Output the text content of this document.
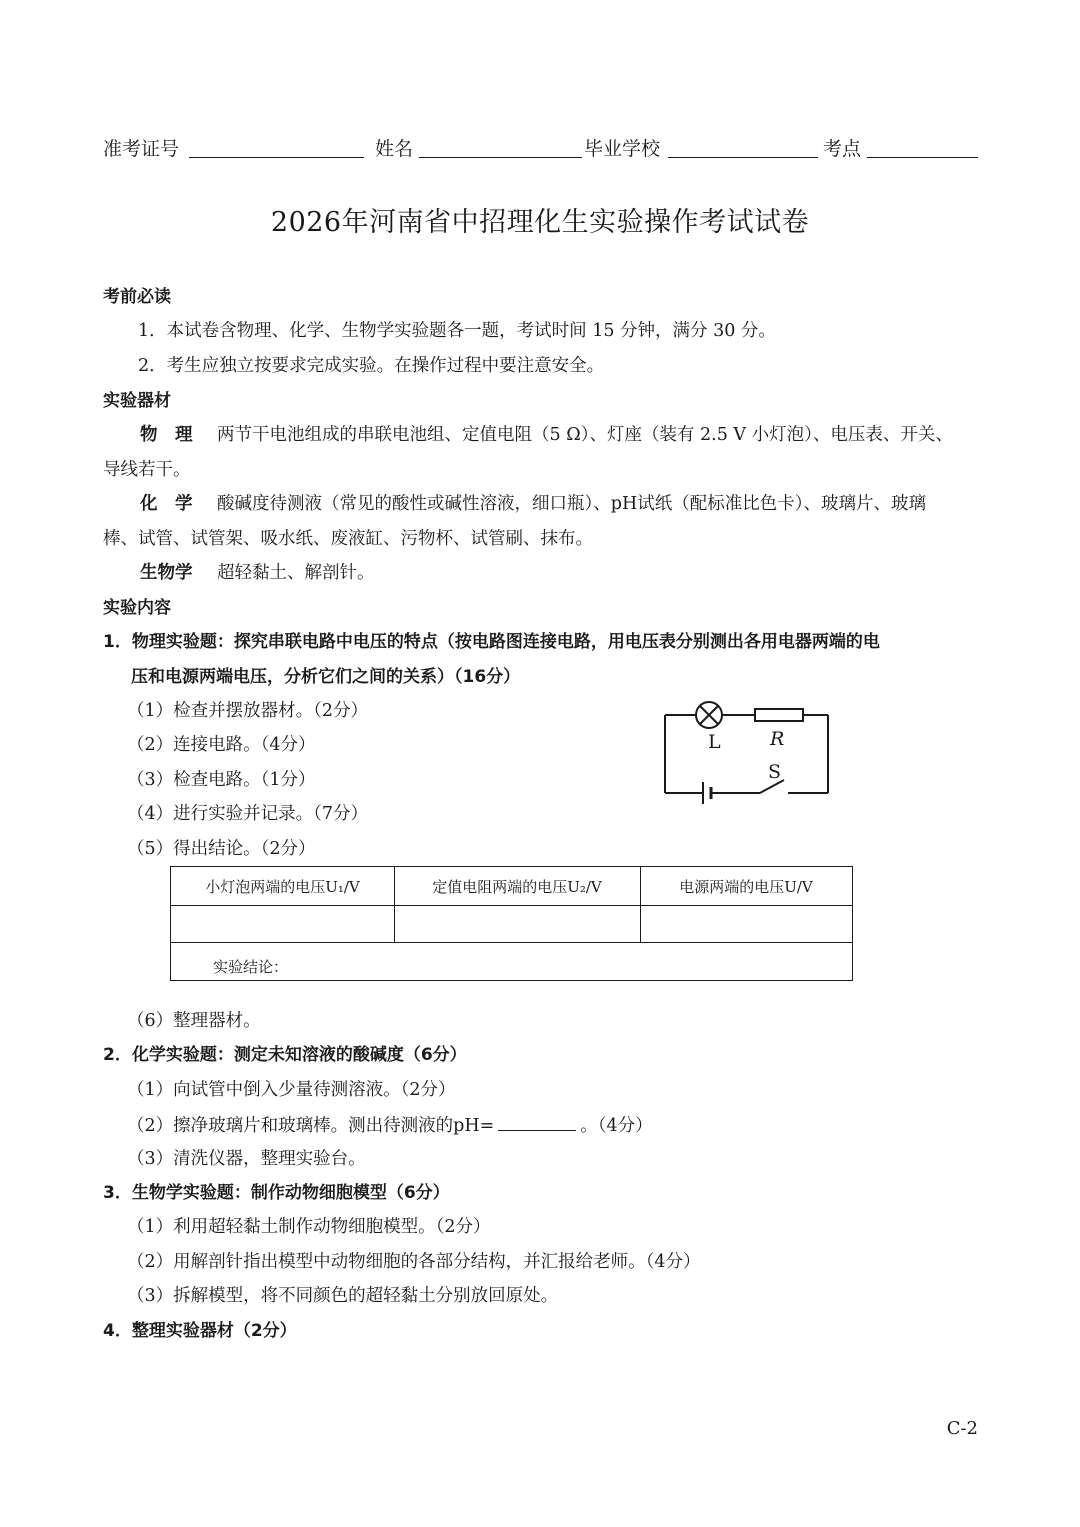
准考证号	姓名	毕业学校	考点
2026年河南省中招理化生实验操作考试试卷
考前必读
1．本试卷含物理、化学、生物学实验题各一题，考试时间 15 分钟，满分 30 分。
2．考生应独立按要求完成实验。在操作过程中要注意安全。
实验器材
物　理 两节干电池组成的串联电池组、定值电阻（5 Ω）、灯座（装有 2.5 V 小灯泡）、电压表、开关、
导线若干。
化　学 酸碱度待测液（常见的酸性或碱性溶液，细口瓶）、pH试纸（配标准比色卡）、玻璃片、玻璃
棒、试管、试管架、吸水纸、废液缸、污物杯、试管刷、抹布。
生物学 超轻黏土、解剖针。
实验内容
1．物理实验题：探究串联电路中电压的特点（按电路图连接电路，用电压表分别测出各用电器两端的电
压和电源两端电压，分析它们之间的关系）（16分）
（1）检查并摆放器材。（2分）
（2）连接电路。（4分）
（3）检查电路。（1分）
（4）进行实验并记录。（7分）
（5）得出结论。（2分）
L	R
S
小灯泡两端的电压U₁/V	定值电阻两端的电压U₂/V	电源两端的电压U/V
实验结论：
（6）整理器材。
2．化学实验题：测定未知溶液的酸碱度（6分）
（1）向试管中倒入少量待测溶液。（2分）
（2）擦净玻璃片和玻璃棒。测出待测液的pH=	。（4分）
（3）清洗仪器，整理实验台。
3．生物学实验题：制作动物细胞模型（6分）
（1）利用超轻黏土制作动物细胞模型。（2分）
（2）用解剖针指出模型中动物细胞的各部分结构，并汇报给老师。（4分）
（3）拆解模型，将不同颜色的超轻黏土分别放回原处。
4．整理实验器材（2分）
C-2
